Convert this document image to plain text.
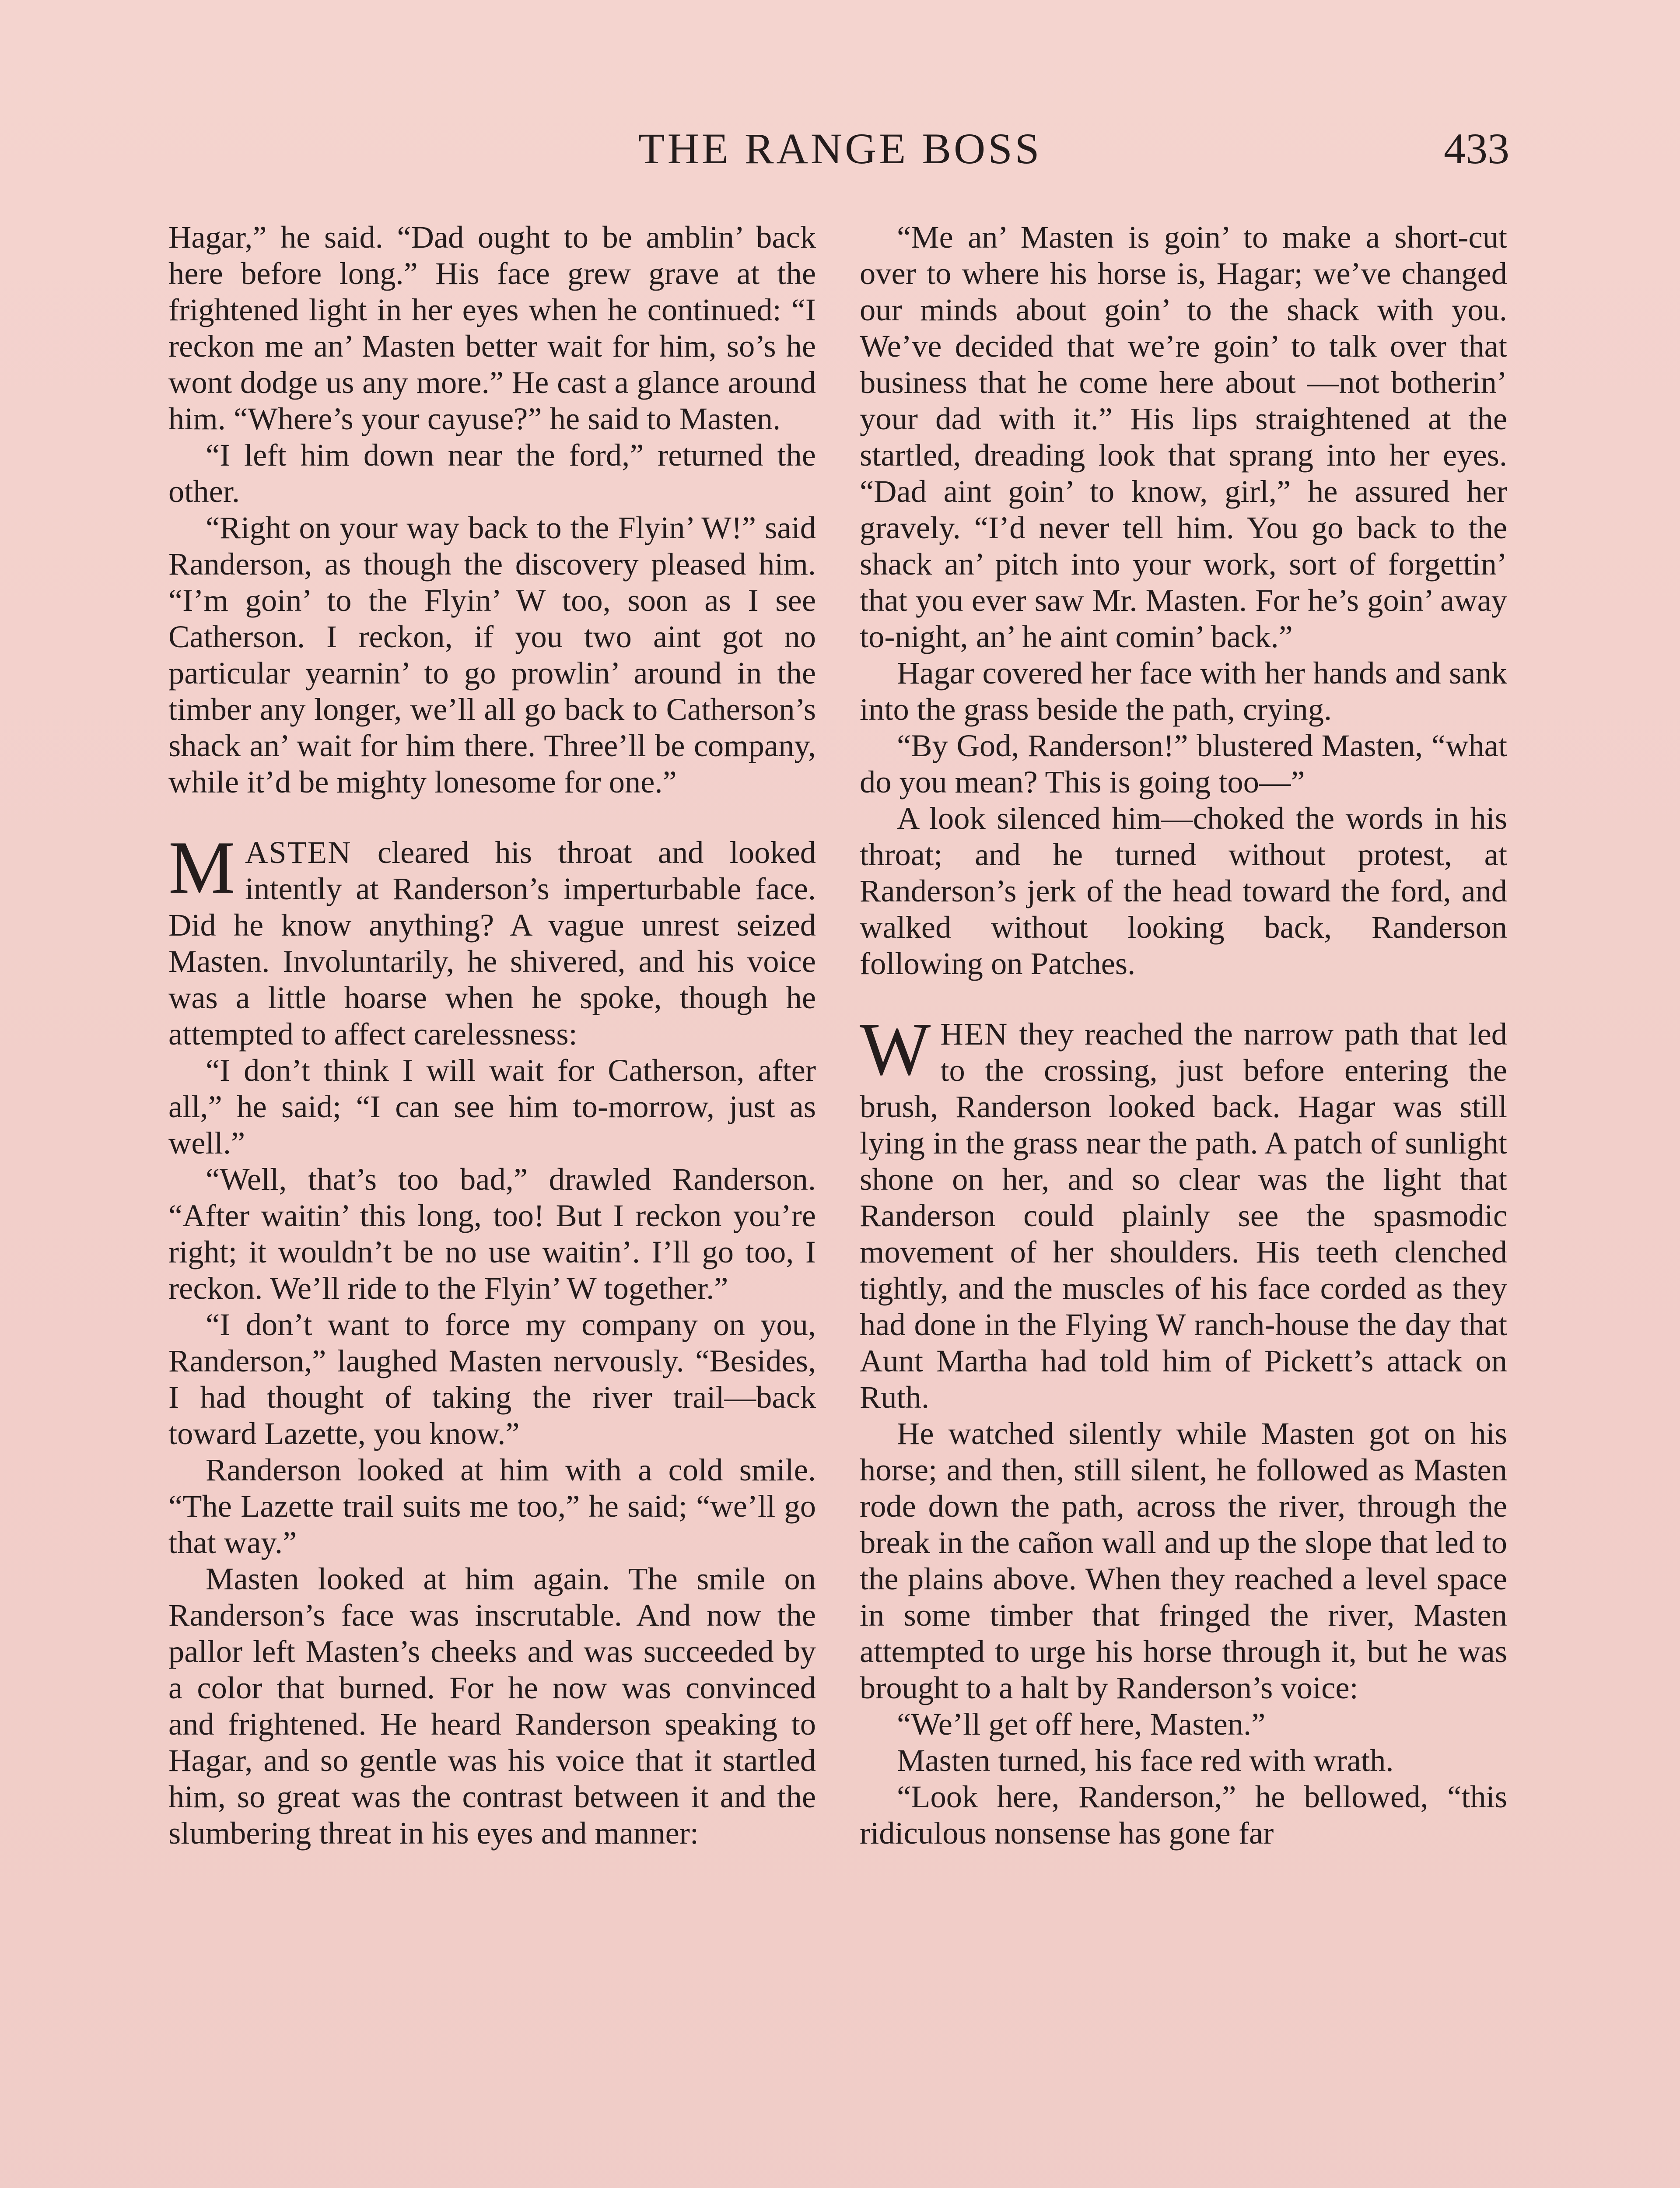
THE RANGE BOSS	433

Hagar,” he said. “Dad ought to be amblin’ back here before long.” His face grew grave at the frightened light in her eyes when he continued: “I reckon me an’ Masten better wait for him, so’s he wont dodge us any more.” He cast a glance around him. “Where’s your cayuse?” he said to Masten.

“I left him down near the ford,” returned the other.

“Right on your way back to the Flyin’ W!” said Randerson, as though the discovery pleased him. “I’m goin’ to the Flyin’ W too, soon as I see Catherson. I reckon, if you two aint got no particular yearnin’ to go prowlin’ around in the timber any longer, we’ll all go back to Catherson’s shack an’ wait for him there. Three’ll be company, while it’d be mighty lonesome for one.”

MASTEN cleared his throat and looked intently at Randerson’s imperturbable face. Did he know anything? A vague unrest seized Masten. Involuntarily, he shivered, and his voice was a little hoarse when he spoke, though he attempted to affect carelessness:

“I don’t think I will wait for Catherson, after all,” he said; “I can see him to-morrow, just as well.”

“Well, that’s too bad,” drawled Randerson. “After waitin’ this long, too! But I reckon you’re right; it wouldn’t be no use waitin’. I’ll go too, I reckon. We’ll ride to the Flyin’ W together.”

“I don’t want to force my company on you, Randerson,” laughed Masten nervously. “Besides, I had thought of taking the river trail—back toward Lazette, you know.”

Randerson looked at him with a cold smile. “The Lazette trail suits me too,” he said; “we’ll go that way.”

Masten looked at him again. The smile on Randerson’s face was inscrutable. And now the pallor left Masten’s cheeks and was succeeded by a color that burned. For he now was convinced and frightened. He heard Randerson speaking to Hagar, and so gentle was his voice that it startled him, so great was the contrast between it and the slumbering threat in his eyes and manner:

“Me an’ Masten is goin’ to make a short-cut over to where his horse is, Hagar; we’ve changed our minds about goin’ to the shack with you. We’ve decided that we’re goin’ to talk over that business that he come here about —not botherin’ your dad with it.” His lips straightened at the startled, dreading look that sprang into her eyes. “Dad aint goin’ to know, girl,” he assured her gravely. “I’d never tell him. You go back to the shack an’ pitch into your work, sort of forgettin’ that you ever saw Mr. Masten. For he’s goin’ away to-night, an’ he aint comin’ back.”

Hagar covered her face with her hands and sank into the grass beside the path, crying.

“By God, Randerson!” blustered Masten, “what do you mean? This is going too—”

A look silenced him—choked the words in his throat; and he turned without protest, at Randerson’s jerk of the head toward the ford, and walked without looking back, Randerson following on Patches.

WHEN they reached the narrow path that led to the crossing, just before entering the brush, Randerson looked back. Hagar was still lying in the grass near the path. A patch of sunlight shone on her, and so clear was the light that Randerson could plainly see the spasmodic movement of her shoulders. His teeth clenched tightly, and the muscles of his face corded as they had done in the Flying W ranch-house the day that Aunt Martha had told him of Pickett’s attack on Ruth.

He watched silently while Masten got on his horse; and then, still silent, he followed as Masten rode down the path, across the river, through the break in the cañon wall and up the slope that led to the plains above. When they reached a level space in some timber that fringed the river, Masten attempted to urge his horse through it, but he was brought to a halt by Randerson’s voice:

“We’ll get off here, Masten.”

Masten turned, his face red with wrath.

“Look here, Randerson,” he bellowed, “this ridiculous nonsense has gone far
